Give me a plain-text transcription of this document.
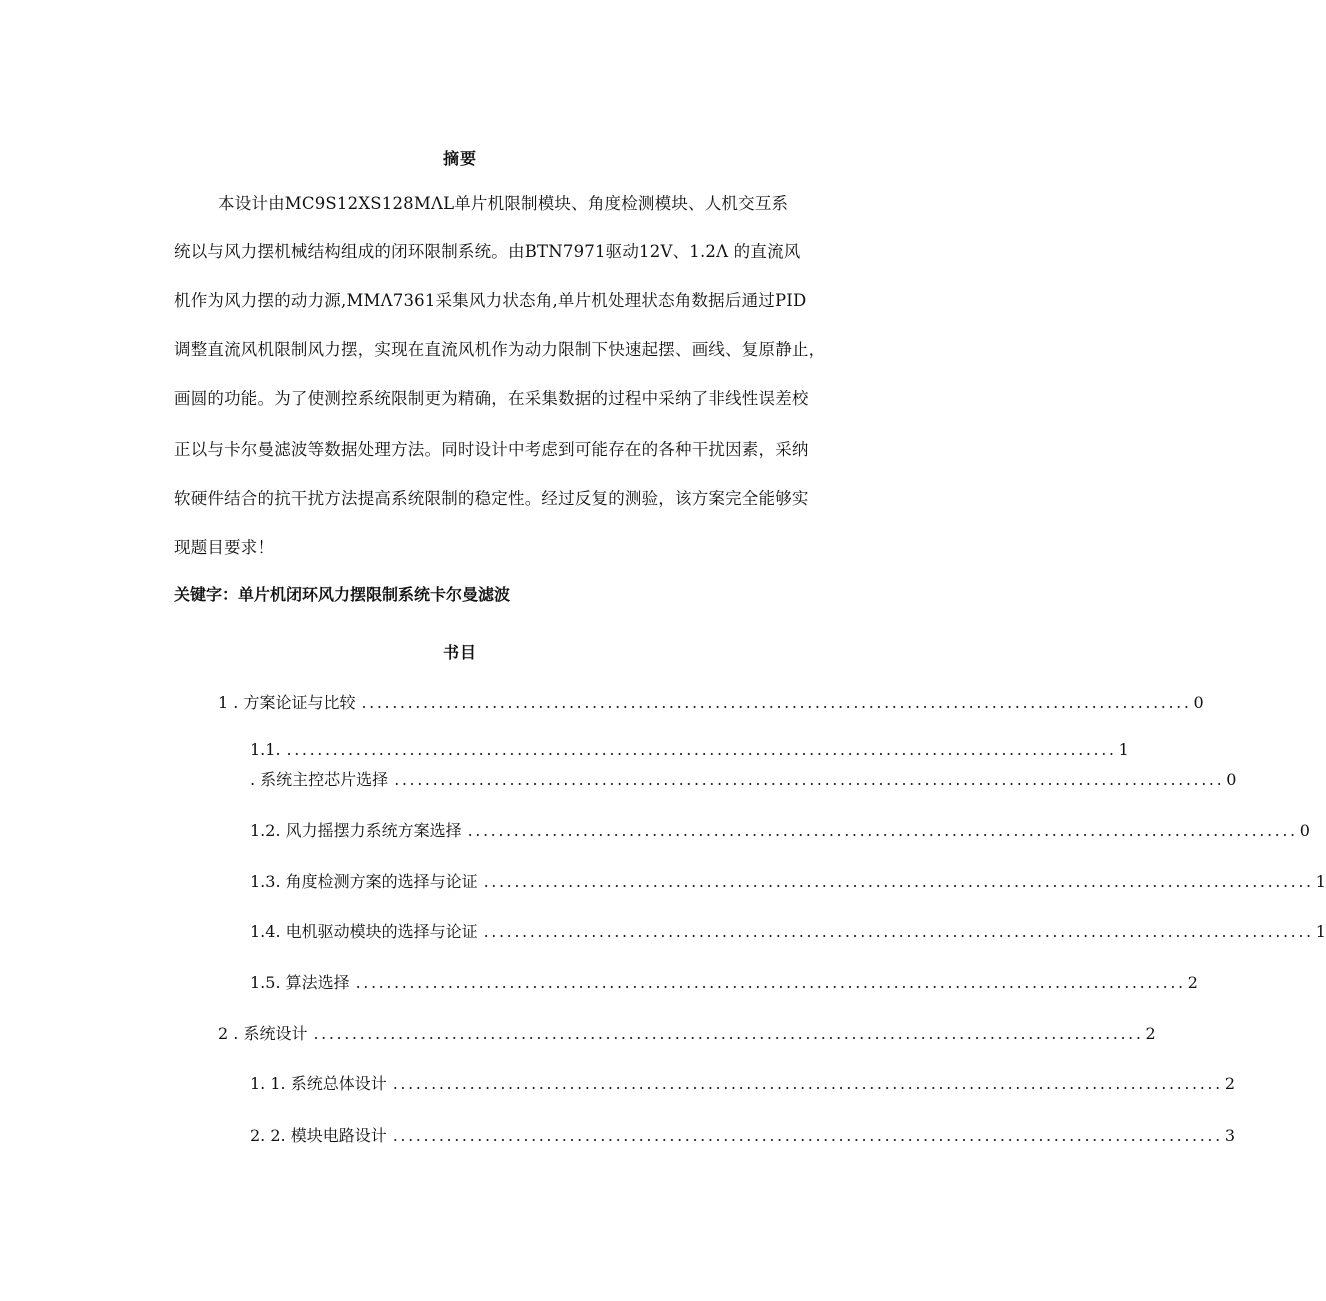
摘要
本设计由MC9S12XS128MΛL单片机限制模块、角度检测模块、人机交互系
统以与风力摆机械结构组成的闭环限制系统。由BTN7971驱动12V、1.2Λ 的直流风
机作为风力摆的动力源,MMΛ7361采集风力状态角,单片机处理状态角数据后通过PID
调整直流风机限制风力摆，实现在直流风机作为动力限制下快速起摆、画线、复原静止，
画圆的功能。为了使测控系统限制更为精确，在采集数据的过程中采纳了非线性误差校
正以与卡尔曼滤波等数据处理方法。同时设计中考虑到可能存在的各种干扰因素，采纳
软硬件结合的抗干扰方法提高系统限制的稳定性。经过反复的测验，该方案完全能够实
现题目要求！
关键字：单片机闭环风力摆限制系统卡尔曼滤波
书目
1 . 方案论证与比较 ............................................................................................................ 0
1.1. ............................................................................................................ 1
. 系统主控芯片选择 ............................................................................................................ 0
1.2. 风力摇摆力系统方案选择 ............................................................................................................ 0
1.3. 角度检测方案的选择与论证 ............................................................................................................ 1
1.4. 电机驱动模块的选择与论证 ............................................................................................................ 1
1.5. 算法选择 ............................................................................................................ 2
2 . 系统设计 ............................................................................................................ 2
1. 1. 系统总体设计 ............................................................................................................ 2
2. 2. 模块电路设计 ............................................................................................................ 3
